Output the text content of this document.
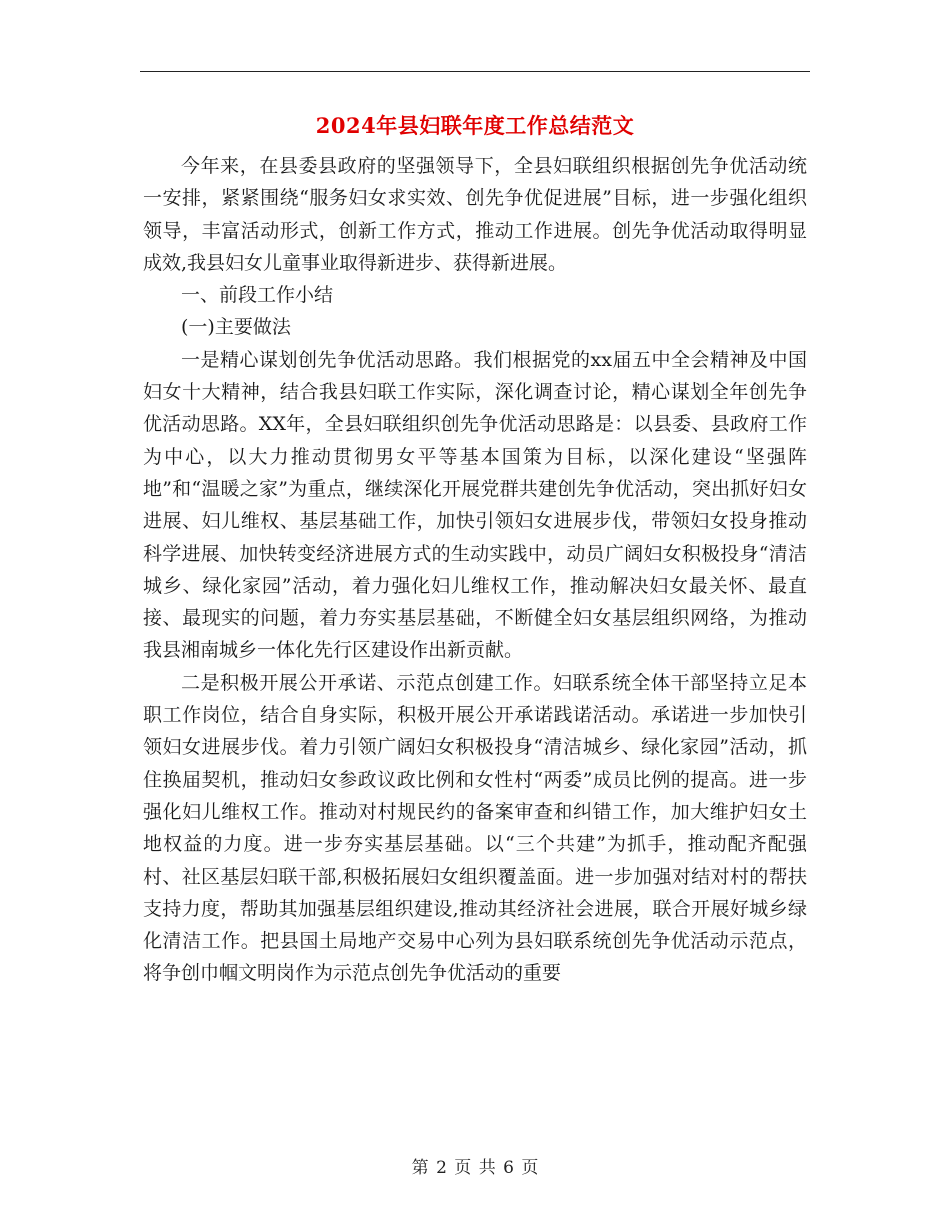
2024年县妇联年度工作总结范文

今年来，在县委县政府的坚强领导下，全县妇联组织根据创先争优活动统一安排，紧紧围绕“服务妇女求实效、创先争优促进展”目标，进一步强化组织领导，丰富活动形式，创新工作方式，推动工作进展。创先争优活动取得明显成效,我县妇女儿童事业取得新进步、获得新进展。

一、前段工作小结

(一)主要做法

一是精心谋划创先争优活动思路。我们根据党的xx届五中全会精神及中国妇女十大精神，结合我县妇联工作实际，深化调查讨论，精心谋划全年创先争优活动思路。XX年，全县妇联组织创先争优活动思路是：以县委、县政府工作为中心，以大力推动贯彻男女平等基本国策为目标，以深化建设“坚强阵地”和“温暖之家”为重点，继续深化开展党群共建创先争优活动，突出抓好妇女进展、妇儿维权、基层基础工作，加快引领妇女进展步伐，带领妇女投身推动科学进展、加快转变经济进展方式的生动实践中，动员广阔妇女积极投身“清洁城乡、绿化家园”活动，着力强化妇儿维权工作，推动解决妇女最关怀、最直接、最现实的问题，着力夯实基层基础，不断健全妇女基层组织网络，为推动我县湘南城乡一体化先行区建设作出新贡献。

二是积极开展公开承诺、示范点创建工作。妇联系统全体干部坚持立足本职工作岗位，结合自身实际，积极开展公开承诺践诺活动。承诺进一步加快引领妇女进展步伐。着力引领广阔妇女积极投身“清洁城乡、绿化家园”活动，抓住换届契机，推动妇女参政议政比例和女性村“两委”成员比例的提高。进一步强化妇儿维权工作。推动对村规民约的备案审查和纠错工作，加大维护妇女土地权益的力度。进一步夯实基层基础。以“三个共建”为抓手，推动配齐配强村、社区基层妇联干部,积极拓展妇女组织覆盖面。进一步加强对结对村的帮扶支持力度，帮助其加强基层组织建设,推动其经济社会进展，联合开展好城乡绿化清洁工作。把县国土局地产交易中心列为县妇联系统创先争优活动示范点，将争创巾帼文明岗作为示范点创先争优活动的重要

第 2 页 共 6 页
